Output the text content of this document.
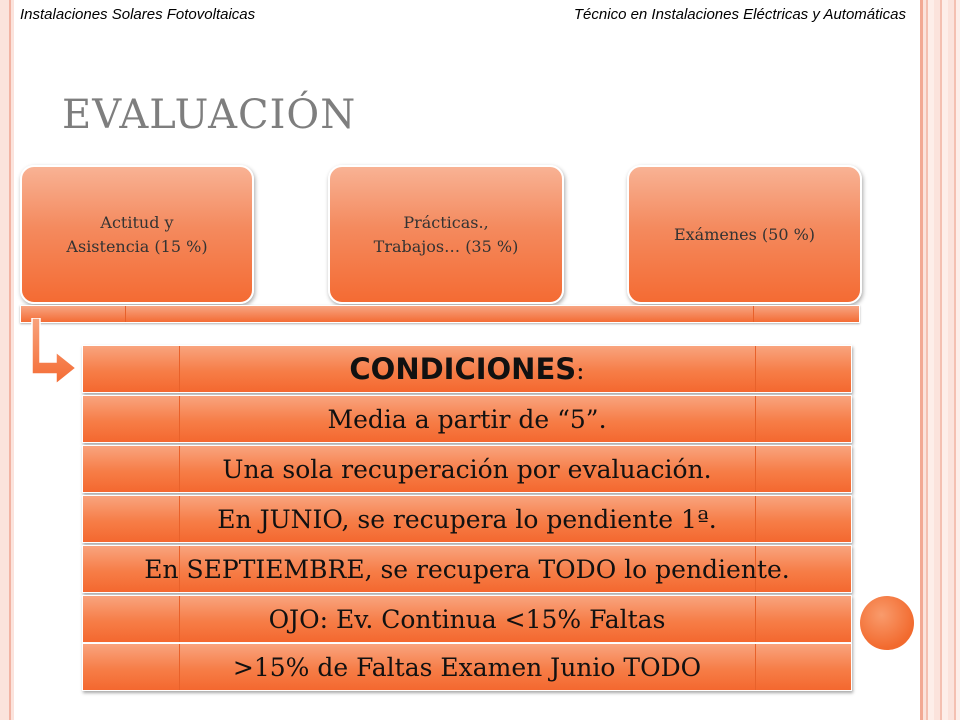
Instalaciones Solares Fotovoltaicas	Técnico en Instalaciones Eléctricas y Automáticas
EVALUACIÓN
Actitud y
Asistencia (15 %)
Prácticas.,
Trabajos… (35 %)
Exámenes (50 %)
CONDICIONES:
Media a partir de “5”.
Una sola recuperación por evaluación.
En JUNIO, se recupera lo pendiente 1ª.
En SEPTIEMBRE, se recupera TODO lo pendiente.
OJO: Ev. Continua <15% Faltas
>15% de Faltas Examen Junio TODO
